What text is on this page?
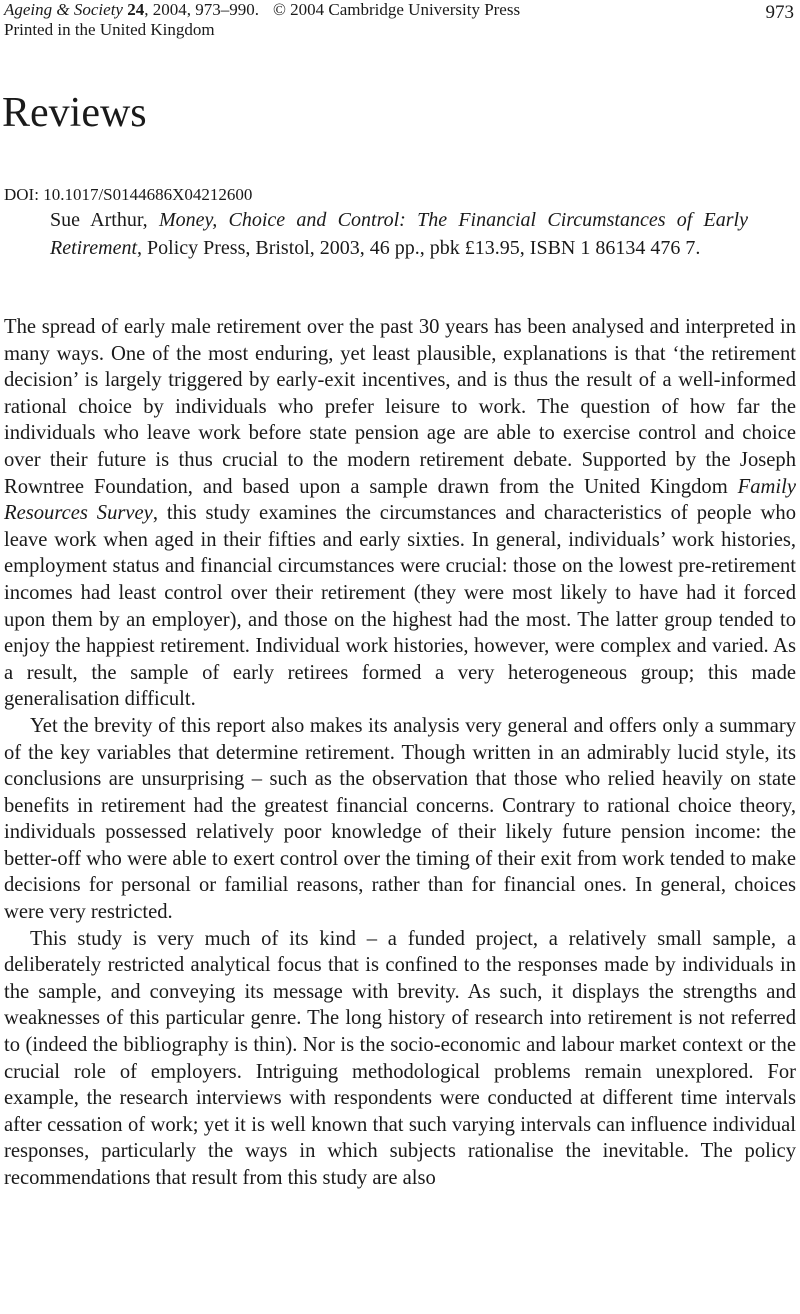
Ageing & Society 24, 2004, 973–990. © 2004 Cambridge University Press
Printed in the United Kingdom
973
Reviews
DOI: 10.1017/S0144686X04212600
Sue Arthur, Money, Choice and Control: The Financial Circumstances of Early Retirement, Policy Press, Bristol, 2003, 46 pp., pbk £13.95, ISBN 1 86134 476 7.

The spread of early male retirement over the past 30 years has been analysed and interpreted in many ways. One of the most enduring, yet least plausible, explanations is that ‘the retirement decision’ is largely triggered by early-exit incentives, and is thus the result of a well-informed rational choice by individuals who prefer leisure to work. The question of how far the individuals who leave work before state pension age are able to exercise control and choice over their future is thus crucial to the modern retirement debate. Supported by the Joseph Rowntree Foundation, and based upon a sample drawn from the United Kingdom Family Resources Survey, this study examines the circumstances and characteristics of people who leave work when aged in their fifties and early sixties. In general, individuals’ work histories, employment status and financial circumstances were crucial: those on the lowest pre-retirement incomes had least control over their retirement (they were most likely to have had it forced upon them by an employer), and those on the highest had the most. The latter group tended to enjoy the happiest retirement. Individual work histories, however, were complex and varied. As a result, the sample of early retirees formed a very heterogeneous group; this made generalisation difficult.

Yet the brevity of this report also makes its analysis very general and offers only a summary of the key variables that determine retirement. Though written in an admirably lucid style, its conclusions are unsurprising – such as the observation that those who relied heavily on state benefits in retirement had the greatest financial concerns. Contrary to rational choice theory, individuals possessed relatively poor knowledge of their likely future pension income: the better-off who were able to exert control over the timing of their exit from work tended to make decisions for personal or familial reasons, rather than for financial ones. In general, choices were very restricted.

This study is very much of its kind – a funded project, a relatively small sample, a deliberately restricted analytical focus that is confined to the responses made by individuals in the sample, and conveying its message with brevity. As such, it displays the strengths and weaknesses of this particular genre. The long history of research into retirement is not referred to (indeed the bibliography is thin). Nor is the socio-economic and labour market context or the crucial role of employers. Intriguing methodological problems remain unexplored. For example, the research interviews with respondents were conducted at different time intervals after cessation of work; yet it is well known that such varying intervals can influence individual responses, particularly the ways in which subjects rationalise the inevitable. The policy recommendations that result from this study are also
